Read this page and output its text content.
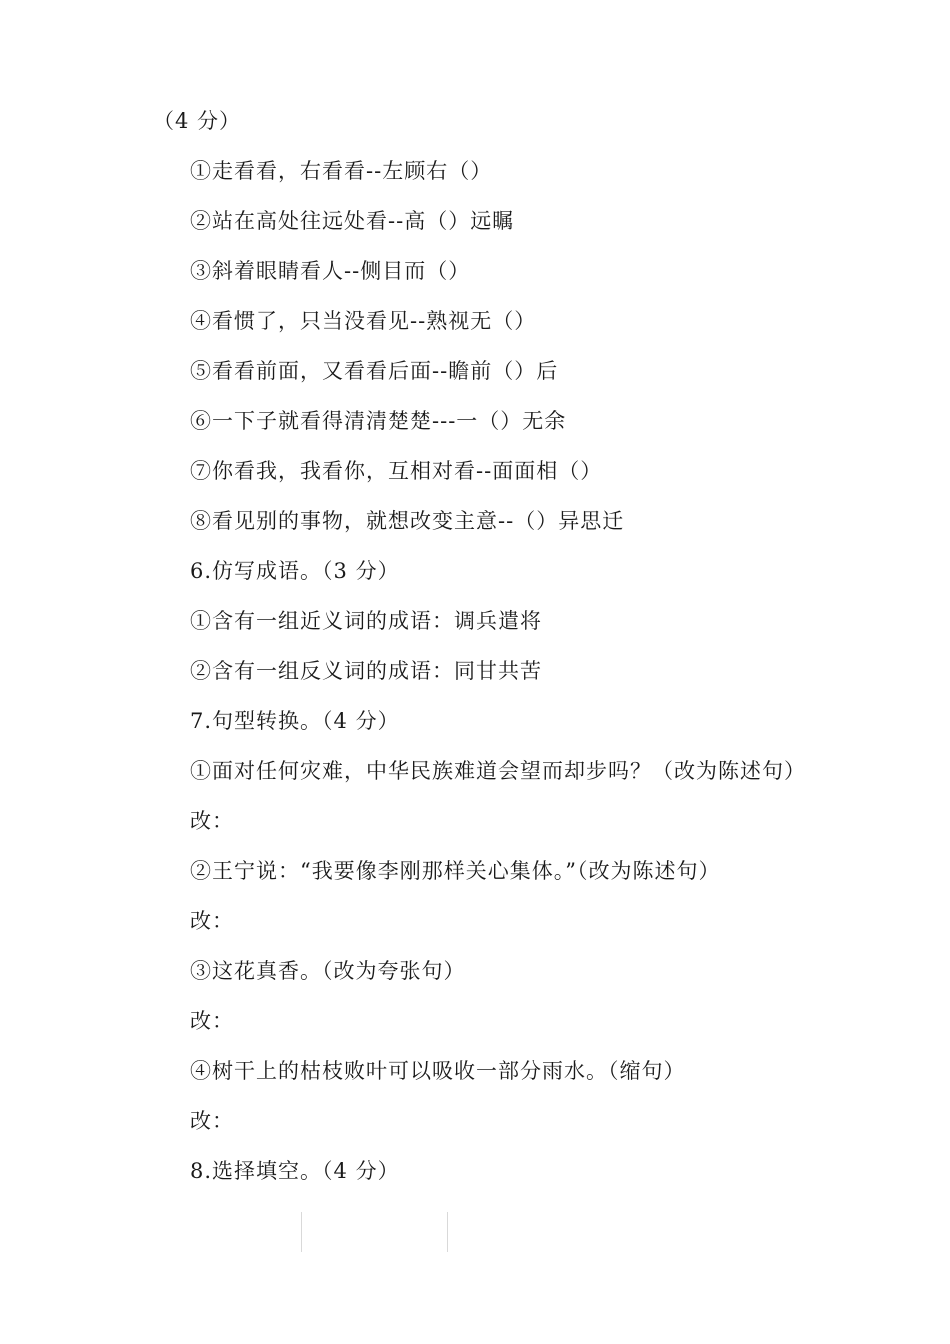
（4 分）
①走看看，右看看--左顾右（）
②站在高处往远处看--高（）远瞩
③斜着眼睛看人--侧目而（）
④看惯了，只当没看见--熟视无（）
⑤看看前面，又看看后面--瞻前（）后
⑥一下子就看得清清楚楚---一（）无余
⑦你看我，我看你，互相对看--面面相（）
⑧看见别的事物，就想改变主意--（）异思迁
6.仿写成语。（3 分）
①含有一组近义词的成语：调兵遣将
②含有一组反义词的成语：同甘共苦
7.句型转换。（4 分）
①面对任何灾难，中华民族难道会望而却步吗？（改为陈述句）
改：
②王宁说：“我要像李刚那样关心集体。”（改为陈述句）
改：
③这花真香。（改为夸张句）
改：
④树干上的枯枝败叶可以吸收一部分雨水。（缩句）
改：
8.选择填空。（4 分）
